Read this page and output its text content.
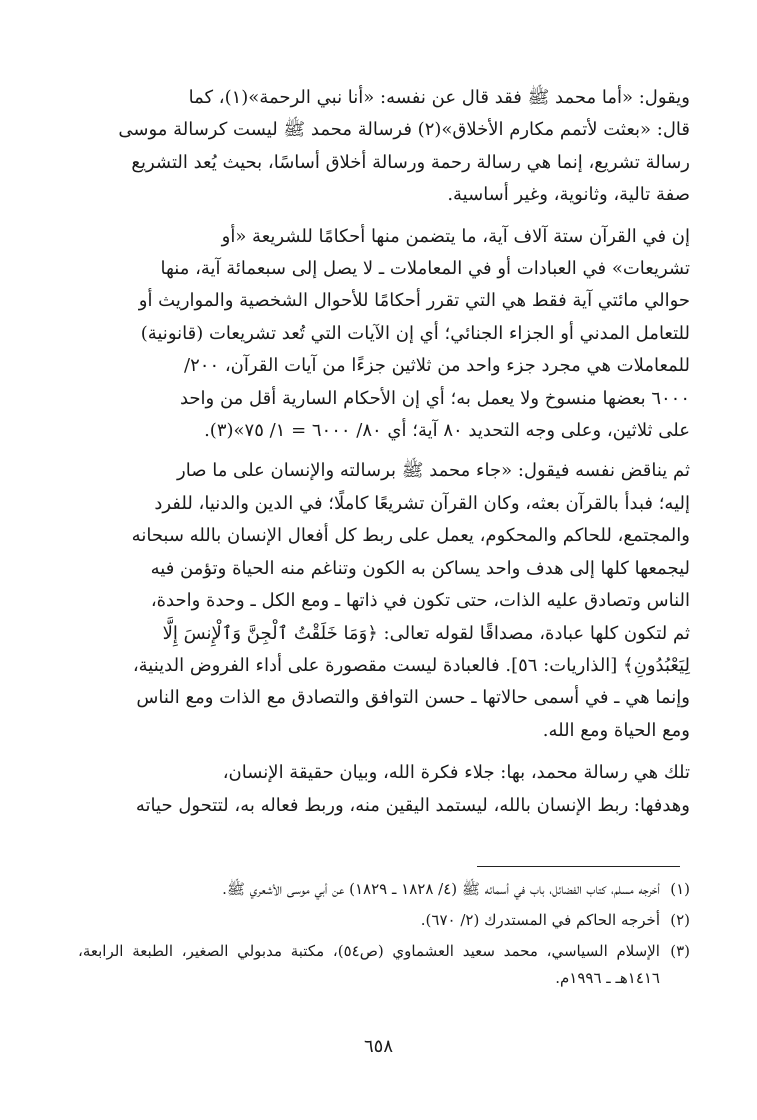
ويقول: «أما محمد ﷺ فقد قال عن نفسه: «أنا نبي الرحمة»(١)، كما

قال: «بعثت لأتمم مكارم الأخلاق»(٢) فرسالة محمد ﷺ ليست كرسالة موسى

رسالة تشريع، إنما هي رسالة رحمة ورسالة أخلاق أساسًا، بحيث يُعد التشريع

صفة تالية، وثانوية، وغير أساسية.

إن في القرآن ستة آلاف آية، ما يتضمن منها أحكامًا للشريعة «أو

تشريعات» في العبادات أو في المعاملات ـ لا يصل إلى سبعمائة آية، منها

حوالي مائتي آية فقط هي التي تقرر أحكامًا للأحوال الشخصية والمواريث أو

للتعامل المدني أو الجزاء الجنائي؛ أي إن الآيات التي تُعد تشريعات (قانونية)

للمعاملات هي مجرد جزء واحد من ثلاثين جزءًا من آيات القرآن، ٢٠٠/

٦٠٠٠ بعضها منسوخ ولا يعمل به؛ أي إن الأحكام السارية أقل من واحد

على ثلاثين، وعلى وجه التحديد ٨٠ آية؛ أي ٨٠/ ٦٠٠٠ = ١/ ٧٥»(٣).

ثم يناقض نفسه فيقول: «جاء محمد ﷺ برسالته والإنسان على ما صار

إليه؛ فبدأ بالقرآن بعثه، وكان القرآن تشريعًا كاملًا؛ في الدين والدنيا، للفرد

والمجتمع، للحاكم والمحكوم، يعمل على ربط كل أفعال الإنسان بالله سبحانه

ليجمعها كلها إلى هدف واحد يساكن به الكون وتناغم منه الحياة وتؤمن فيه

الناس وتصادق عليه الذات، حتى تكون في ذاتها ـ ومع الكل ـ وحدة واحدة،

ثم لتكون كلها عبادة، مصداقًا لقوله تعالى: ﴿وَمَا خَلَقْتُ ٱلْجِنَّ وَٱلْإِنسَ إِلَّا

لِيَعْبُدُونِ﴾ [الذاريات: ٥٦]. فالعبادة ليست مقصورة على أداء الفروض الدينية،

وإنما هي ـ في أسمى حالاتها ـ حسن التوافق والتصادق مع الذات ومع الناس

ومع الحياة ومع الله.

تلك هي رسالة محمد، بها: جلاء فكرة الله، وبيان حقيقة الإنسان،

وهدفها: ربط الإنسان بالله، ليستمد اليقين منه، وربط فعاله به، لتتحول حياته

(١)
أخرجه مسلم، كتاب الفضائل، باب في أسمائه ﷺ (٤/ ١٨٢٨ ـ ١٨٢٩) عن أبي موسى الأشعري ﷺ.
(٢)
أخرجه الحاكم في المستدرك (٢/ ٦٧٠).
(٣)
الإسلام السياسي، محمد سعيد العشماوي (ص٥٤)، مكتبة مدبولي الصغير، الطبعة الرابعة، ١٤١٦هـ ـ ١٩٩٦م.
٦٥٨
